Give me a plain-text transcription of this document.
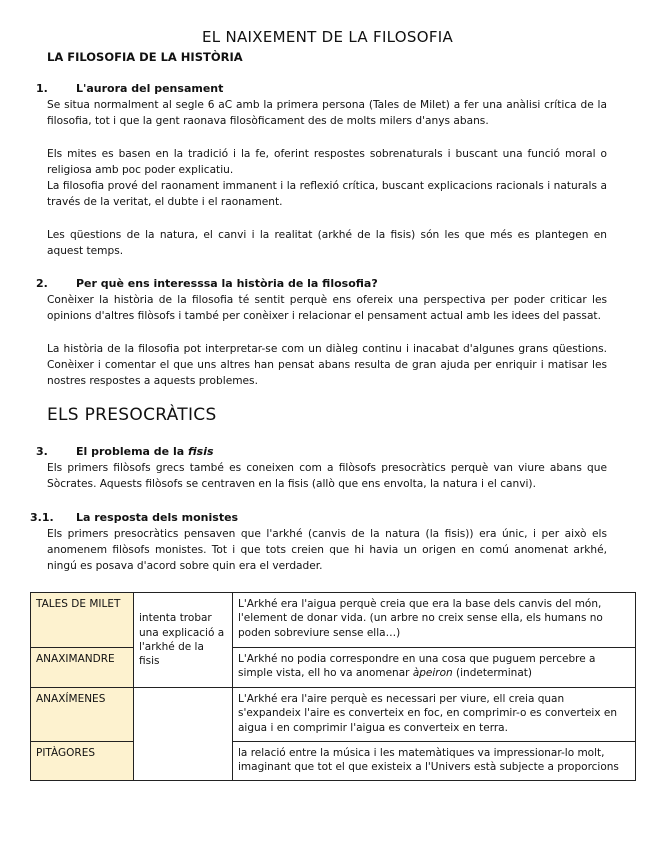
EL NAIXEMENT DE LA FILOSOFIA
LA FILOSOFIA DE LA HISTÒRIA
1.	L'aurora del pensament
Se situa normalment al segle 6 aC amb la primera persona (Tales de Milet) a fer una anàlisi crítica de la filosofia, tot i que la gent raonava filosòficament des de molts milers d'anys abans.
Els mites es basen en la tradició i la fe, oferint respostes sobrenaturals i buscant una funció moral o religiosa amb poc poder explicatiu.
La filosofia prové del raonament immanent i la reflexió crítica, buscant explicacions racionals i naturals a través de la veritat, el dubte i el raonament.
Les qüestions de la natura, el canvi i la realitat (arkhé de la fisis) són les que més es plantegen en aquest temps.
2.	Per què ens interesssa la història de la filosofia?
Conèixer la història de la filosofia té sentit perquè ens ofereix una perspectiva per poder criticar les opinions d'altres filòsofs i també per conèixer i relacionar el pensament actual amb les idees del passat.
La història de la filosofia pot interpretar-se com un diàleg continu i inacabat d'algunes grans qüestions. Conèixer i comentar el que uns altres han pensat abans resulta de gran ajuda per enriquir i matisar les nostres respostes a aquests problemes.
ELS PRESOCRÀTICS
3.	El problema de la fisis
Els primers filòsofs grecs també es coneixen com a filòsofs presocràtics perquè van viure abans que Sòcrates. Aquests filòsofs se centraven en la fisis (allò que ens envolta, la natura i el canvi).
3.1. La resposta dels monistes
Els primers presocràtics pensaven que l'arkhé (canvis de la natura (la fisis)) era únic, i per això els anomenem filòsofs monistes. Tot i que tots creien que hi havia un origen en comú anomenat arkhé, ningú es posava d'acord sobre quin era el verdader.
TALES DE MILET	intenta trobar una explicació a l'arkhé de la fisis	L'Arkhé era l'aigua perquè creia que era la base dels canvis del món, l'element de donar vida. (un arbre no creix sense ella, els humans no poden sobreviure sense ella…)
ANAXIMANDRE		L'Arkhé no podia correspondre en una cosa que puguem percebre a simple vista, ell ho va anomenar àpeiron (indeterminat)
ANAXÍMENES		L'Arkhé era l'aire perquè es necessari per viure, ell creia quan s'expandeix l'aire es converteix en foc, en comprimir-o es converteix en aigua i en comprimir l'aigua es converteix en terra.
PITÀGORES		la relació entre la música i les matemàtiques va impressionar-lo molt, imaginant que tot el que existeix a l'Univers està subjecte a proporcions
